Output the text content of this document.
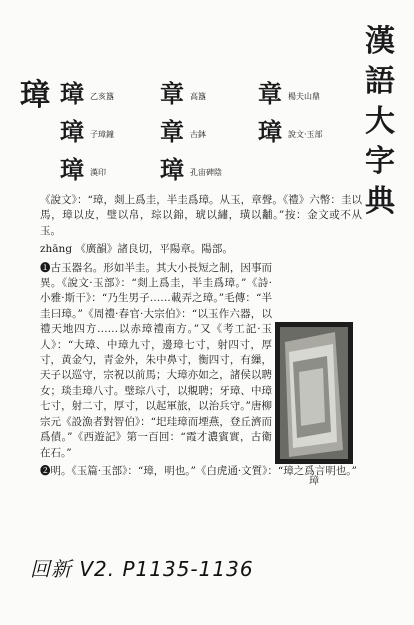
漢
語
大
字
典
璋 璋 乙亥簋 章 高簋 章 楊夫山鼎
璋 子璋鐘 章 古鉢 璋 說文·玉部
璋 漢印 璋 孔宙碑陰

《說文》：“璋，剡上爲圭，半圭爲璋。从玉，章聲。《禮》六幣：圭以馬，璋以皮，璧以帛，琮以錦，琥以繡，璜以黼。”按：金文或不从玉。

zhāng 《廣韻》諸良切，平陽章。陽部。

❶古玉器名。形如半圭。其大小長短之制，因事而異。《說文·玉部》：“剡上爲圭，半圭爲璋。”《詩·小雅·斯干》：“乃生男子……載弄之璋。”毛傳：“半圭曰璋。”《周禮·春官·大宗伯》：“以玉作六器，以禮天地四方……以赤璋禮南方。”又《考工記·玉人》：“大璋、中璋九寸，邊璋七寸，射四寸，厚寸，黄金勺，青金外，朱中鼻寸，衡四寸，有繅，天子以巡守，宗祝以前馬；大璋亦如之，諸侯以聘女；琰圭璋八寸。璧琮八寸，以覜聘；牙璋、中璋七寸，射二寸，厚寸，以起軍旅，以治兵守。”唐柳宗元《設漁者對智伯》：“圯珪璋而堙燕，登丘濟而爲債。”《西遊記》第一百回：“霞才濃賓實，古衛在石。”

❷明。《玉篇·玉部》：“璋，明也。”《白虎通·文質》：“璋之爲言明也。”

璋
回新 V2. P1135-1136
